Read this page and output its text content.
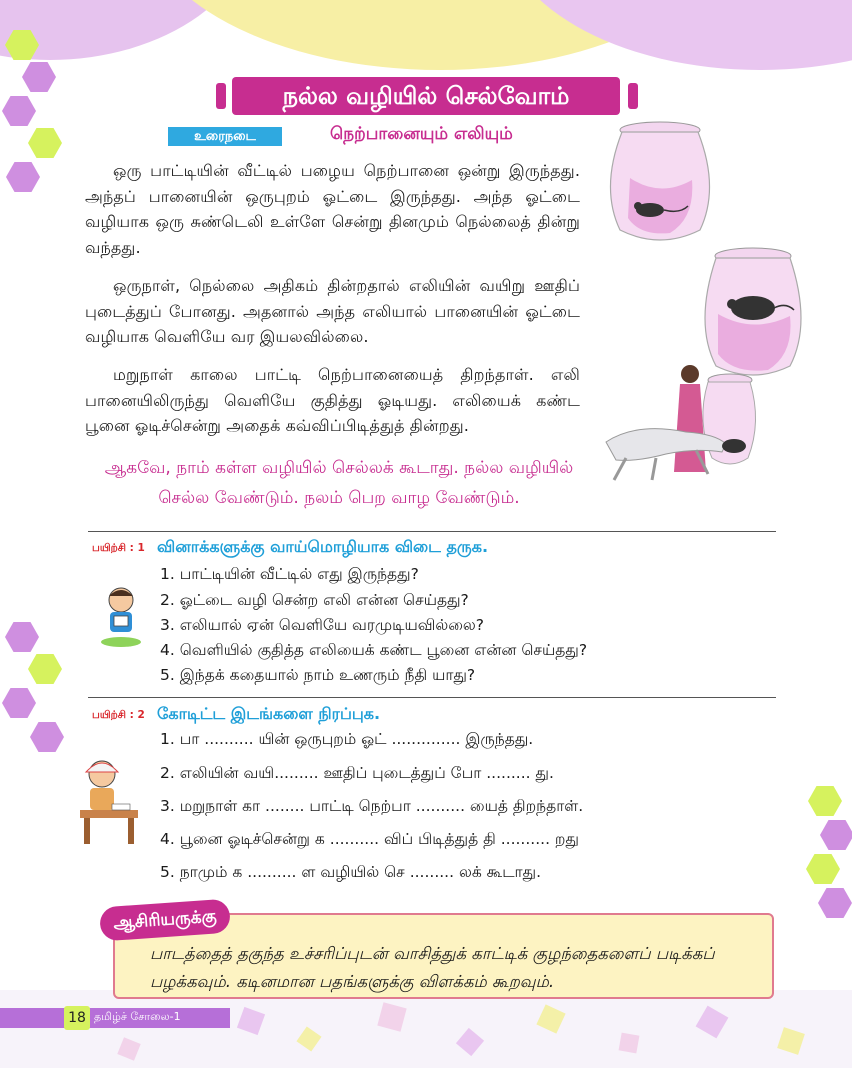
நல்ல வழியில் செல்வோம்
உரைநடை	நெற்பானையும் எலியும்
ஒரு பாட்டியின் வீட்டில் பழைய நெற்பானை ஒன்று இருந்தது. அந்தப் பானையின் ஒருபுறம் ஓட்டை இருந்தது. அந்த ஓட்டை வழியாக ஒரு சுண்டெலி உள்ளே சென்று தினமும் நெல்லைத் தின்று வந்தது.
ஒருநாள், நெல்லை அதிகம் தின்றதால் எலியின் வயிறு ஊதிப் புடைத்துப் போனது. அதனால் அந்த எலியால் பானையின் ஓட்டை வழியாக வெளியே வர இயலவில்லை.
மறுநாள் காலை பாட்டி நெற்பானையைத் திறந்தாள். எலி பானையிலிருந்து வெளியே குதித்து ஓடியது. எலியைக் கண்ட பூனை ஓடிச்சென்று அதைக் கவ்விப்பிடித்துத் தின்றது.
ஆகவே, நாம் கள்ள வழியில் செல்லக் கூடாது. நல்ல வழியில் செல்ல வேண்டும். நலம் பெற வாழ வேண்டும்.
பயிற்சி : 1 வினாக்களுக்கு வாய்மொழியாக விடை தருக.
1. பாட்டியின் வீட்டில் எது இருந்தது?
2. ஓட்டை வழி சென்ற எலி என்ன செய்தது?
3. எலியால் ஏன் வெளியே வரமுடியவில்லை?
4. வெளியில் குதித்த எலியைக் கண்ட பூனை என்ன செய்தது?
5. இந்தக் கதையால் நாம் உணரும் நீதி யாது?
பயிற்சி : 2 கோடிட்ட இடங்களை நிரப்புக.
1. பா .......... யின் ஒருபுறம் ஓட் .............. இருந்தது.
2. எலியின் வயி......... ஊதிப் புடைத்துப் போ ......... து.
3. மறுநாள் கா ........ பாட்டி நெற்பா .......... யைத் திறந்தாள்.
4. பூனை ஓடிச்சென்று க .......... விப் பிடித்துத் தி .......... றது
5. நாமும் க .......... ள வழியில் செ ......... லக் கூடாது.
ஆசிரியருக்கு
பாடத்தைத் தகுந்த உச்சரிப்புடன் வாசித்துக் காட்டிக் குழந்தைகளைப் படிக்கப் பழக்கவும். கடினமான பதங்களுக்கு விளக்கம் கூறவும்.
18 தமிழ்ச் சோலை-1
